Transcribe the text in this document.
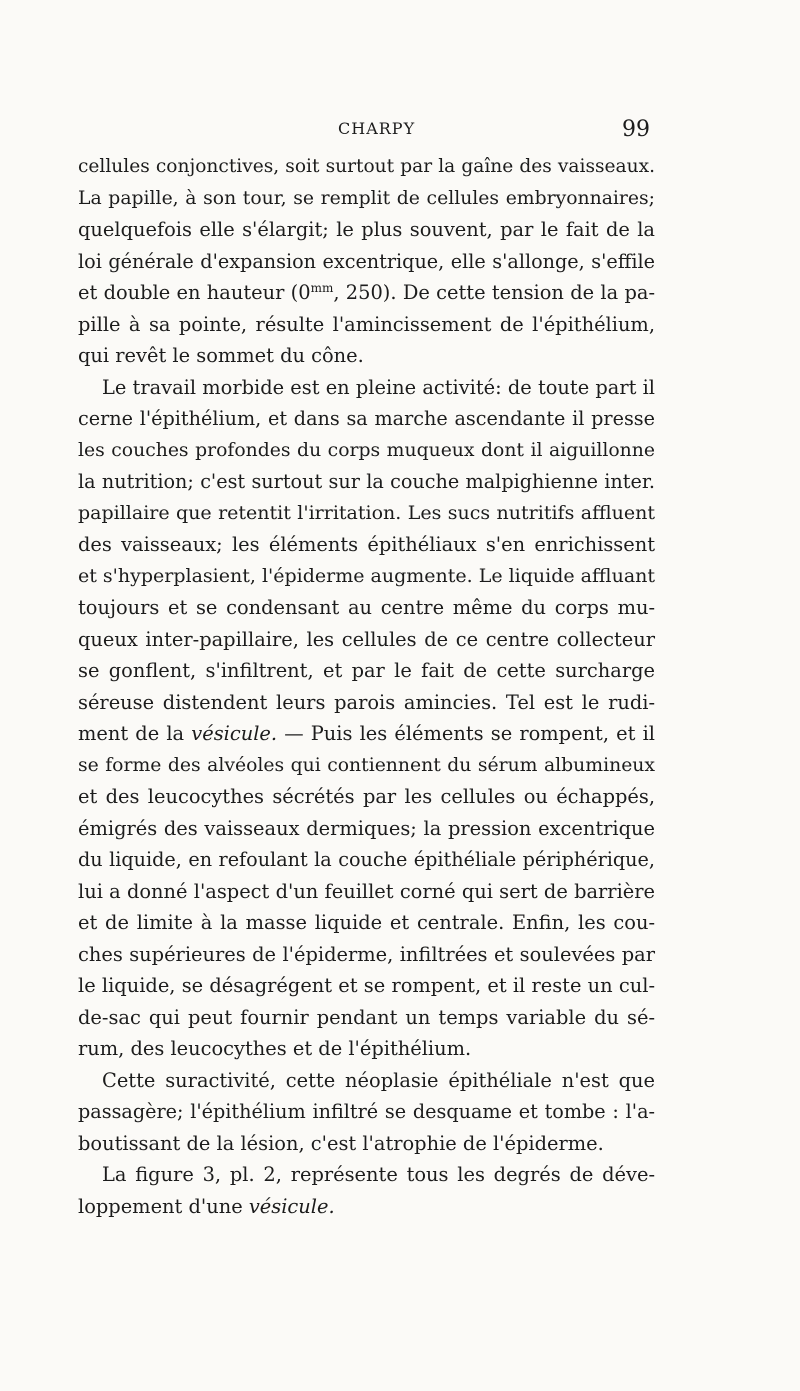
CHARPY	99
cellules conjonctives, soit surtout par la gaîne des vaisseaux.
La papille, à son tour, se remplit de cellules embryonnaires;
quelquefois elle s'élargit; le plus souvent, par le fait de la
loi générale d'expansion excentrique, elle s'allonge, s'effile
et double en hauteur ($0^{mm}$, 250). De cette tension de la pa-
pille à sa pointe, résulte l'amincissement de l'épithélium,
qui revêt le sommet du cône.
Le travail morbide est en pleine activité: de toute part il
cerne l'épithélium, et dans sa marche ascendante il presse
les couches profondes du corps muqueux dont il aiguillonne
la nutrition; c'est surtout sur la couche malpighienne inter.
papillaire que retentit l'irritation. Les sucs nutritifs affluent
des vaisseaux; les éléments épithéliaux s'en enrichissent
et s'hyperplasient, l'épiderme augmente. Le liquide affluant
toujours et se condensant au centre même du corps mu-
queux inter-papillaire, les cellules de ce centre collecteur
se gonflent, s'infiltrent, et par le fait de cette surcharge
séreuse distendent leurs parois amincies. Tel est le rudi-
ment de la vésicule. — Puis les éléments se rompent, et il
se forme des alvéoles qui contiennent du sérum albumineux
et des leucocythes sécrétés par les cellules ou échappés,
émigrés des vaisseaux dermiques; la pression excentrique
du liquide, en refoulant la couche épithéliale périphérique,
lui a donné l'aspect d'un feuillet corné qui sert de barrière
et de limite à la masse liquide et centrale. Enfin, les cou-
ches supérieures de l'épiderme, infiltrées et soulevées par
le liquide, se désagrégent et se rompent, et il reste un cul-
de-sac qui peut fournir pendant un temps variable du sé-
rum, des leucocythes et de l'épithélium.
Cette suractivité, cette néoplasie épithéliale n'est que
passagère; l'épithélium infiltré se desquame et tombe : l'a-
boutissant de la lésion, c'est l'atrophie de l'épiderme.
La figure 3, pl. 2, représente tous les degrés de déve-
loppement d'une vésicule.
